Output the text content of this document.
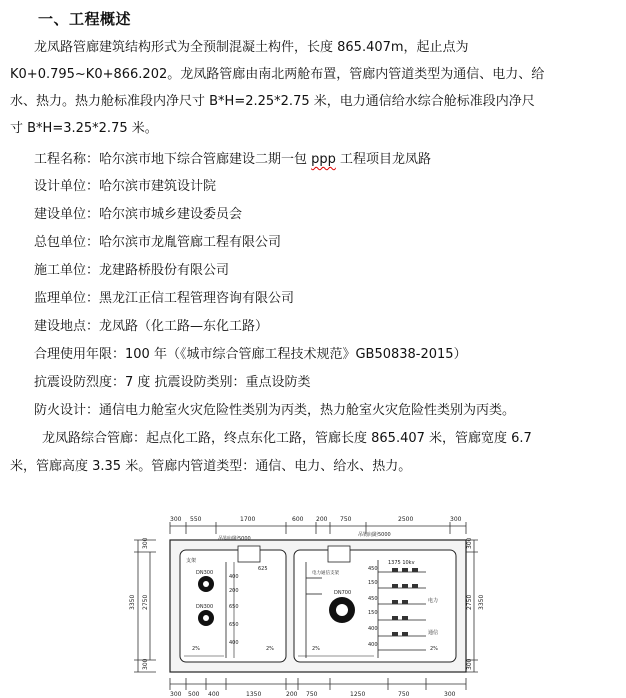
一、工程概述
龙凤路管廊建筑结构形式为全预制混凝土构件，长度 865.407m，起止点为
K0+0.795~K0+866.202。龙凤路管廊由南北两舱布置，管廊内管道类型为通信、电力、给
水、热力。热力舱标准段内净尺寸 B*H=2.25*2.75 米，电力通信给水综合舱标准段内净尺
寸 B*H=3.25*2.75 米。
工程名称：哈尔滨市地下综合管廊建设二期一包 ppp 工程项目龙凤路
设计单位：哈尔滨市建筑设计院
建设单位：哈尔滨市城乡建设委员会
总包单位：哈尔滨市龙胤管廊工程有限公司
施工单位：龙建路桥股份有限公司
监理单位：黑龙江正信工程管理咨询有限公司
建设地点：龙凤路（化工路—东化工路）
合理使用年限：100 年（《城市综合管廊工程技术规范》GB50838-2015）
抗震设防烈度：7 度 抗震设防类别：重点设防类
防火设计：通信电力舱室火灾危险性类别为丙类，热力舱室火灾危险性类别为丙类。
龙凤路综合管廊：起点化工路，终点东化工路，管廊长度 865.407 米，管廊宽度 6.7
米，管廊高度 3.35 米。管廊内管道类型：通信、电力、给水、热力。
300 550	1700	600 200 750	2500	300
300 500 400	1350	200 750	1250	750	300
3350 2750
300
300
3350
2750
300
300
吊钩间距5000
吊钩间距5000
DN300
DN300
DN700
625
2%	2%	2%	2%
400
200
650
650
400
450
150
450
150
400
400
支架
电力通信支架
1375 10kv
电力
通信
